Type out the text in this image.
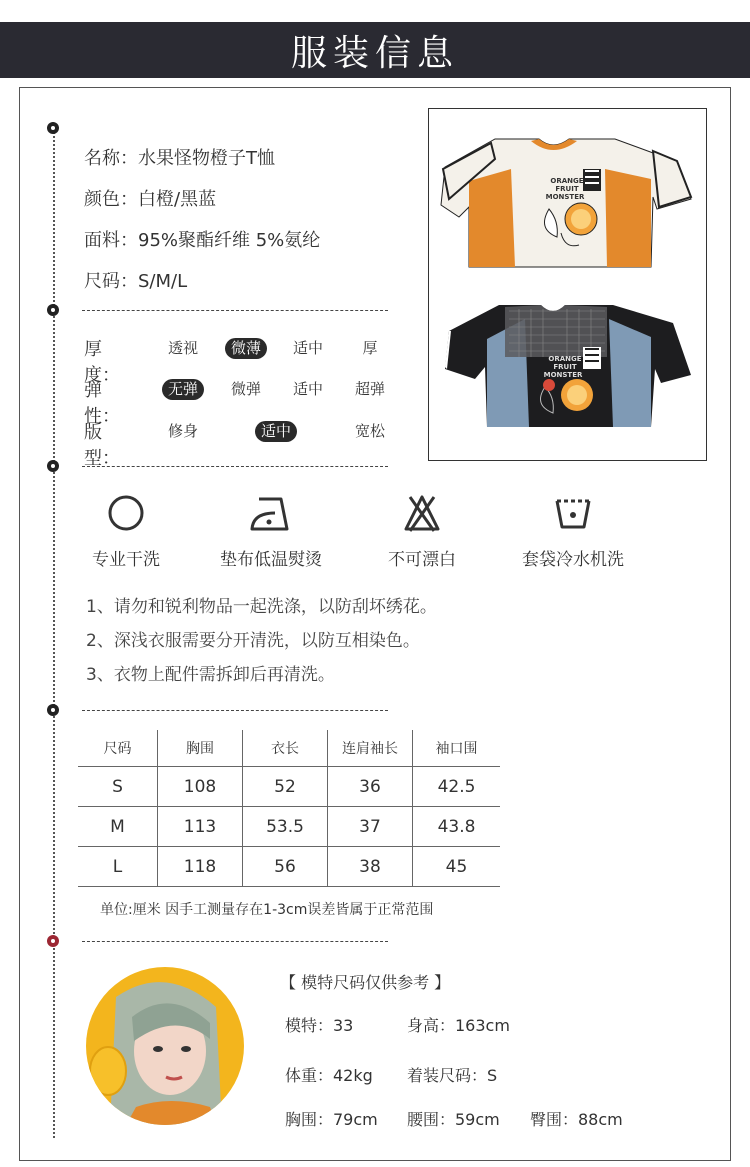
服装信息
名称：水果怪物橙子T恤
颜色：白橙/黑蓝
面料：95%聚酯纤维 5%氨纶
尺码：S/M/L
厚度：
透视	微薄	适中	厚
弹性：
无弹	微弹	适中	超弹
版型：
修身	适中	宽松
ORANGE
FRUIT
MONSTER
ORANGE
FRUIT
MONSTER
专业干洗	垫布低温熨烫	不可漂白	套袋冷水机洗
1、请勿和锐利物品一起洗涤，以防刮坏绣花。
2、深浅衣服需要分开清洗，以防互相染色。
3、衣物上配件需拆卸后再清洗。
尺码	胸围	衣长	连肩袖长	袖口围
S	108	52	36	42.5
M	113	53.5	37	43.8
L	118	56	38	45
单位:厘米 因手工测量存在1-3cm误差皆属于正常范围
【 模特尺码仅供参考 】
模特：33	身高：163cm
体重：42kg 着装尺码：S
胸围：79cm 腰围：59cm 臀围：88cm
